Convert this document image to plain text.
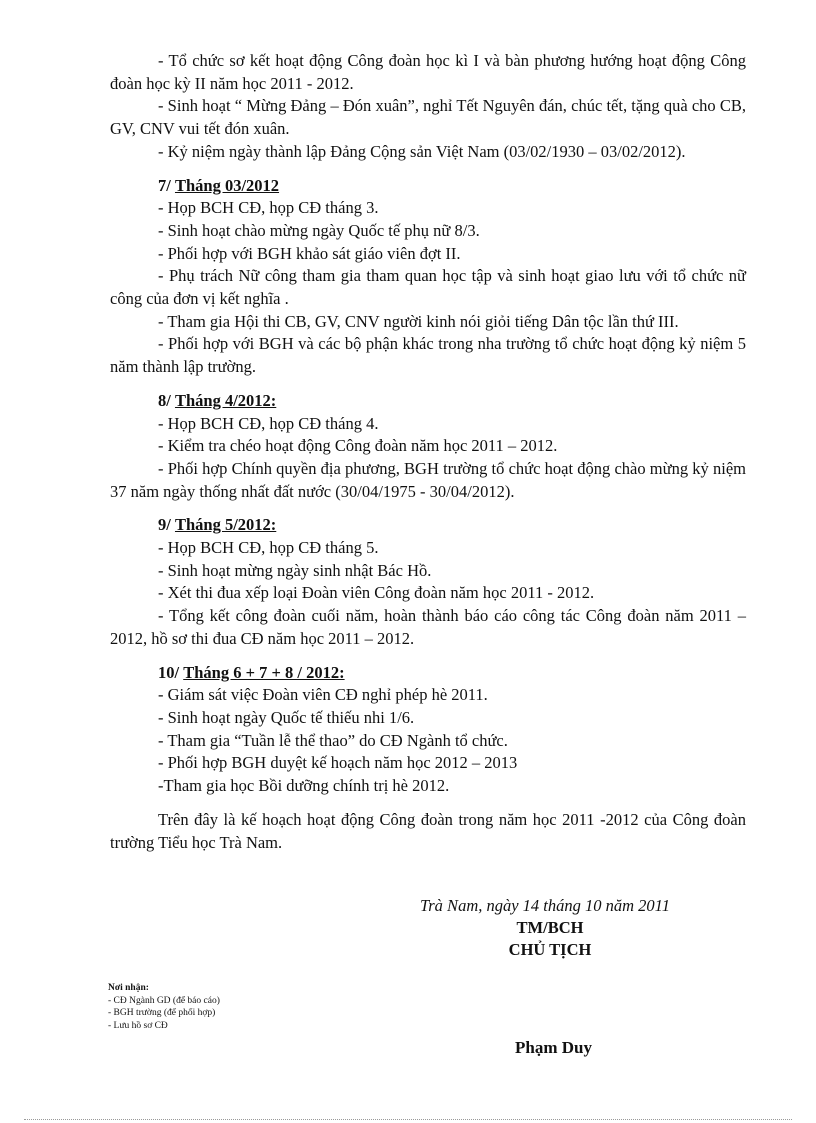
- Tổ chức sơ kết hoạt động Công đoàn học kì I và bàn phương hướng hoạt động Công đoàn học kỳ II năm học 2011 - 2012.

- Sinh hoạt “ Mừng Đảng – Đón xuân”, nghỉ Tết Nguyên đán, chúc tết, tặng quà cho CB, GV, CNV vui tết đón xuân.

- Kỷ niệm ngày thành lập Đảng Cộng sản Việt Nam (03/02/1930 – 03/02/2012).

7/ Tháng 03/2012

- Họp BCH CĐ, họp CĐ tháng 3.

- Sinh hoạt chào mừng ngày Quốc tế phụ nữ 8/3.

- Phối hợp với BGH khảo sát giáo viên đợt II.

- Phụ trách Nữ công tham gia tham quan học tập và sinh hoạt giao lưu với tổ chức nữ công của đơn vị kết nghĩa .

- Tham gia Hội thi CB, GV, CNV người kinh nói giỏi tiếng Dân tộc lần thứ III.

- Phối hợp với BGH và các bộ phận khác trong nha trường tổ chức hoạt động kỷ niệm 5 năm thành lập trường.

8/ Tháng 4/2012:

- Họp BCH CĐ, họp CĐ tháng 4.

- Kiểm tra chéo hoạt động Công đoàn năm học 2011 – 2012.

- Phối hợp Chính quyền địa phương, BGH trường tổ chức hoạt động chào mừng kỷ niệm 37 năm ngày thống nhất đất nước (30/04/1975 - 30/04/2012).

9/ Tháng 5/2012:

- Họp BCH CĐ, họp CĐ tháng 5.

- Sinh hoạt mừng ngày sinh nhật Bác Hồ.

- Xét thi đua xếp loại Đoàn viên Công đoàn năm học 2011 - 2012.

- Tổng kết công đoàn cuối năm, hoàn thành báo cáo công tác Công đoàn năm 2011 – 2012, hồ sơ thi đua CĐ năm học 2011 – 2012.

10/ Tháng 6 + 7 + 8 / 2012:

- Giám sát việc Đoàn viên CĐ nghỉ phép hè 2011.

- Sinh hoạt ngày Quốc tế thiếu nhi 1/6.

- Tham gia “Tuần lễ thể thao” do CĐ Ngành tổ chức.

- Phối hợp BGH duyệt kế hoạch năm học 2012 – 2013

-Tham gia học Bồi dưỡng chính trị hè 2012.

Trên đây là kế hoạch hoạt động Công đoàn trong năm học 2011 -2012 của Công đoàn trường Tiểu học Trà Nam.

Trà Nam, ngày 14 tháng 10 năm 2011
TM/BCH
CHỦ TỊCH
Nơi nhận:
- CĐ Ngành GD (để báo cáo)
- BGH trường (để phối hợp)
- Lưu hồ sơ CĐ
Phạm Duy
